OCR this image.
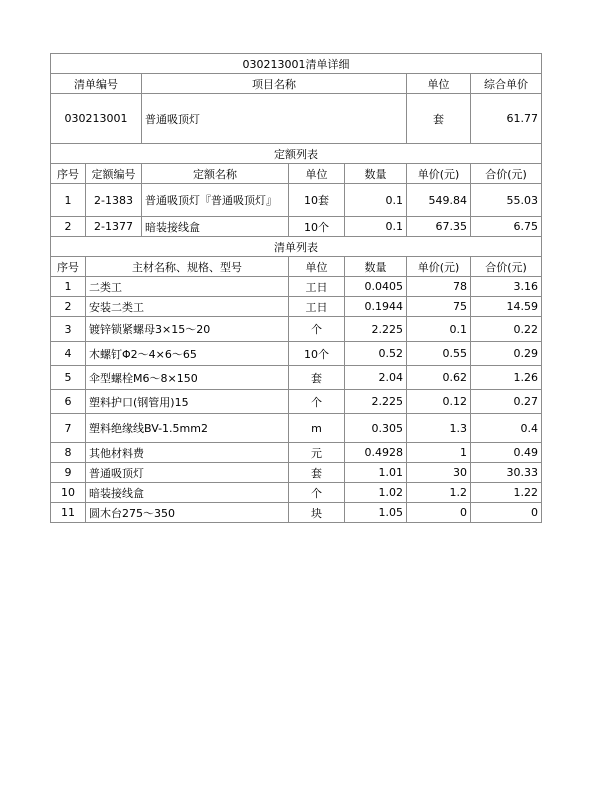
030213001清单详细						
清单编号		项目名称			单位	综合单价
030213001		普通吸顶灯			套	61.77
定额列表						
序号	定额编号	定额名称	单位	数量	单价(元)	合价(元)
1	2-1383	普通吸顶灯『普通吸顶灯』	10套	0.1	549.84	55.03
2	2-1377	暗装接线盒	10个	0.1	67.35	6.75
清单列表						
序号	主材名称、规格、型号		单位	数量	单价(元)	合价(元)
1	二类工		工日	0.0405	78	3.16
2	安装二类工		工日	0.1944	75	14.59
3	镀锌锁紧螺母3×15～20		个	2.225	0.1	0.22
4	木螺钉Φ2～4×6～65		10个	0.52	0.55	0.29
5	伞型螺栓M6～8×150		套	2.04	0.62	1.26
6	塑料护口(钢管用)15		个	2.225	0.12	0.27
7	塑料绝缘线BV-1.5mm2		m	0.305	1.3	0.4
8	其他材料费		元	0.4928	1	0.49
9	普通吸顶灯		套	1.01	30	30.33
10	暗装接线盒		个	1.02	1.2	1.22
11	圆木台275～350		块	1.05	0	0
